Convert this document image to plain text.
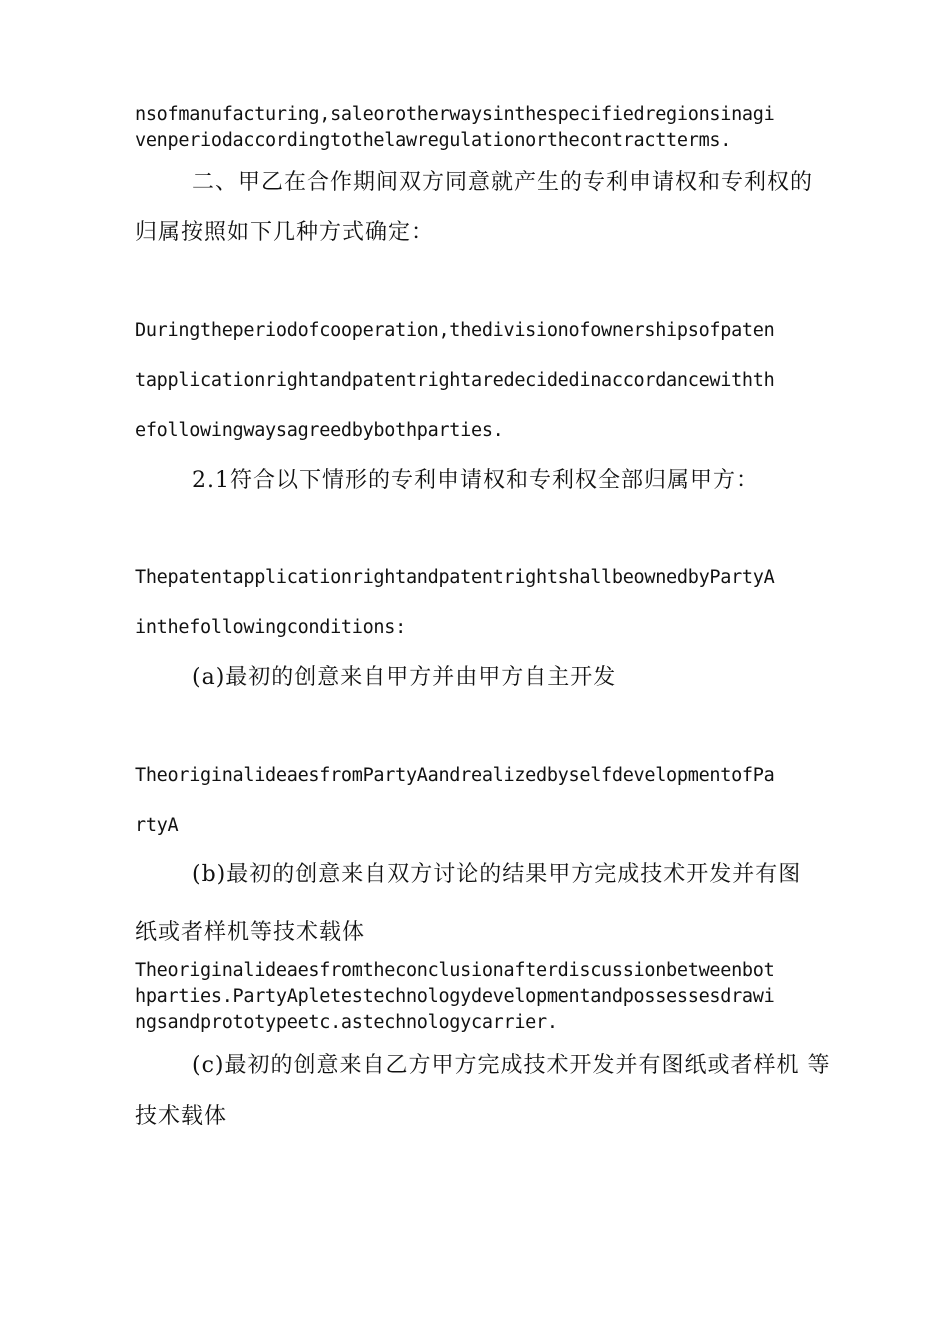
nsofmanufacturing,saleorotherwaysinthespecifiedregionsinagi
venperiodaccordingtothelawregulationorthecontractterms.
二、甲乙在合作期间双方同意就产生的专利申请权和专利权的
归属按照如下几种方式确定：
Duringtheperiodofcooperation,thedivisionofownershipsofpaten
tapplicationrightandpatentrightaredecidedinaccordancewithth
efollowingwaysagreedbybothparties.
2.1符合以下情形的专利申请权和专利权全部归属甲方：
ThepatentapplicationrightandpatentrightshallbeownedbyPartyA
inthefollowingconditions:
(a)最初的创意来自甲方并由甲方自主开发
TheoriginalideaesfromPartyAandrealizedbyselfdevelopmentofPa
rtyA
(b)最初的创意来自双方讨论的结果甲方完成技术开发并有图
纸或者样机等技术载体
Theoriginalideaesfromtheconclusionafterdiscussionbetweenbot
hparties.PartyApletestechnologydevelopmentandpossessesdrawi
ngsandprototypeetc.astechnologycarrier.
(c)最初的创意来自乙方甲方完成技术开发并有图纸或者样机 等
技术载体
